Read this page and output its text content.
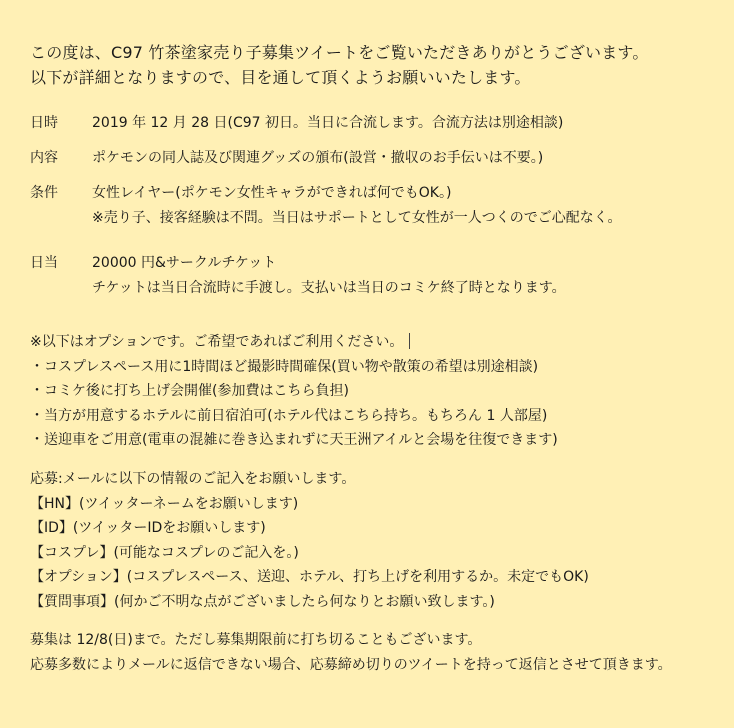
この度は、C97 竹茶塗家売り子募集ツイートをご覧いただきありがとうございます。
以下が詳細となりますので、目を通して頂くようお願いいたします。
日時	2019 年 12 月 28 日(C97 初日。当日に合流します。合流方法は別途相談)
内容	ポケモンの同人誌及び関連グッズの頒布(設営・撤収のお手伝いは不要。)
条件	女性レイヤー(ポケモン女性キャラができれば何でもOK。)
※売り子、接客経験は不問。当日はサポートとして女性が一人つくのでご心配なく。
日当	20000 円&サークルチケット
チケットは当日合流時に手渡し。支払いは当日のコミケ終了時となります。
※以下はオプションです。ご希望であればご利用ください。
・コスプレスペース用に1時間ほど撮影時間確保(買い物や散策の希望は別途相談)
・コミケ後に打ち上げ会開催(参加費はこちら負担)
・当方が用意するホテルに前日宿泊可(ホテル代はこちら持ち。もちろん 1 人部屋)
・送迎車をご用意(電車の混雑に巻き込まれずに天王洲アイルと会場を往復できます)
応募:メールに以下の情報のご記入をお願いします。
【HN】(ツイッターネームをお願いします)
【ID】(ツイッターIDをお願いします)
【コスプレ】(可能なコスプレのご記入を。)
【オプション】(コスプレスペース、送迎、ホテル、打ち上げを利用するか。未定でもOK)
【質問事項】(何かご不明な点がございましたら何なりとお願い致します。)
募集は 12/8(日)まで。ただし募集期限前に打ち切ることもございます。
応募多数によりメールに返信できない場合、応募締め切りのツイートを持って返信とさせて頂きます。
